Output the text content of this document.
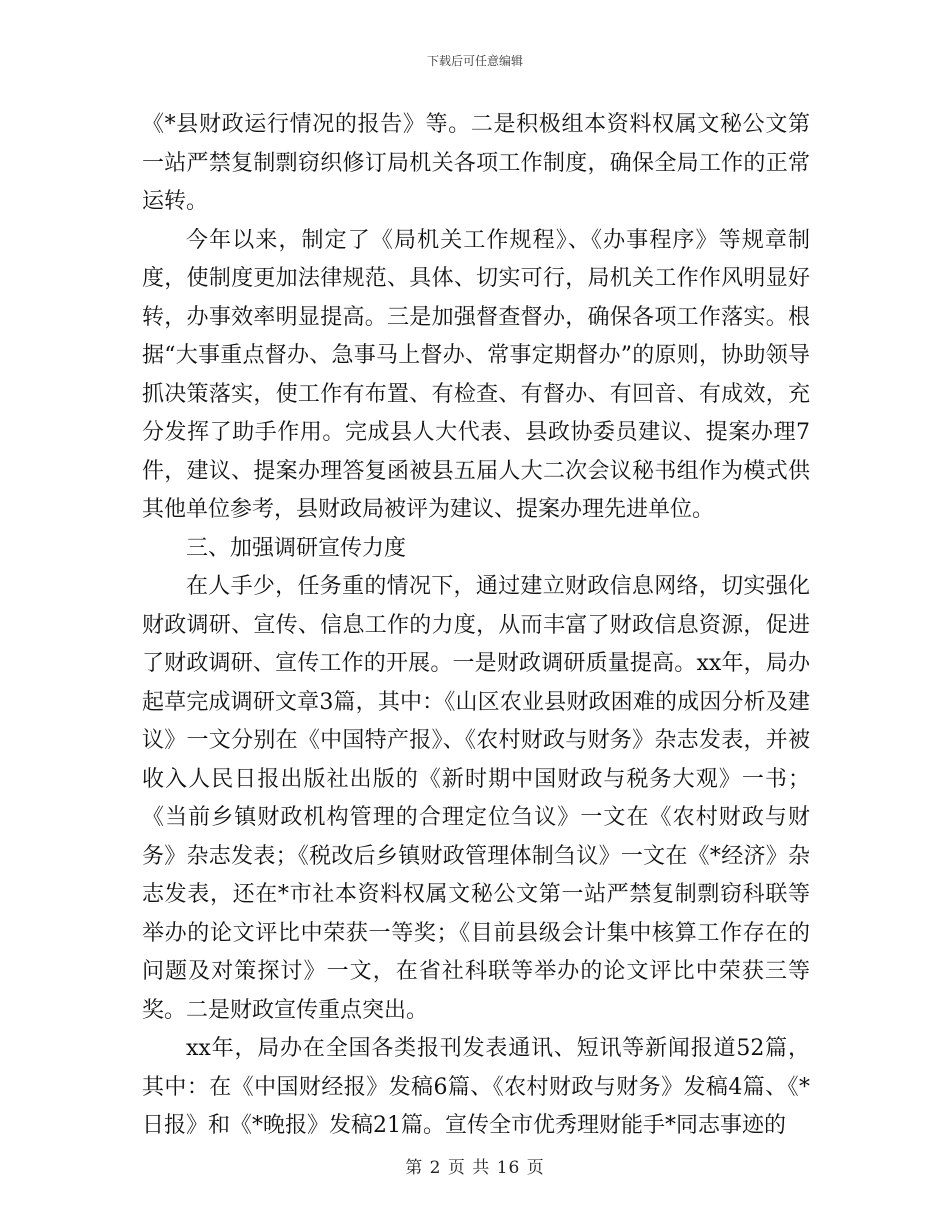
下载后可任意编辑

《*县财政运行情况的报告》等。二是积极组本资料权属文秘公文第一站严禁复制剽窃织修订局机关各项工作制度，确保全局工作的正常运转。

今年以来，制定了《局机关工作规程》、《办事程序》等规章制度，使制度更加法律规范、具体、切实可行，局机关工作作风明显好转，办事效率明显提高。三是加强督查督办，确保各项工作落实。根据“大事重点督办、急事马上督办、常事定期督办”的原则，协助领导抓决策落实，使工作有布置、有检查、有督办、有回音、有成效，充分发挥了助手作用。完成县人大代表、县政协委员建议、提案办理7件，建议、提案办理答复函被县五届人大二次会议秘书组作为模式供其他单位参考，县财政局被评为建议、提案办理先进单位。

三、加强调研宣传力度

在人手少，任务重的情况下，通过建立财政信息网络，切实强化财政调研、宣传、信息工作的力度，从而丰富了财政信息资源，促进了财政调研、宣传工作的开展。一是财政调研质量提高。xx年，局办起草完成调研文章3篇，其中：《山区农业县财政困难的成因分析及建议》一文分别在《中国特产报》、《农村财政与财务》杂志发表，并被收入人民日报出版社出版的《新时期中国财政与税务大观》一书；《当前乡镇财政机构管理的合理定位刍议》一文在《农村财政与财务》杂志发表；《税改后乡镇财政管理体制刍议》一文在《*经济》杂志发表，还在*市社本资料权属文秘公文第一站严禁复制剽窃科联等举办的论文评比中荣获一等奖；《目前县级会计集中核算工作存在的问题及对策探讨》一文，在省社科联等举办的论文评比中荣获三等奖。二是财政宣传重点突出。

xx年，局办在全国各类报刊发表通讯、短讯等新闻报道52篇，其中：在《中国财经报》发稿6篇、《农村财政与财务》发稿4篇、《*日报》和《*晚报》发稿21篇。宣传全市优秀理财能手*同志事迹的

第 2 页 共 16 页
